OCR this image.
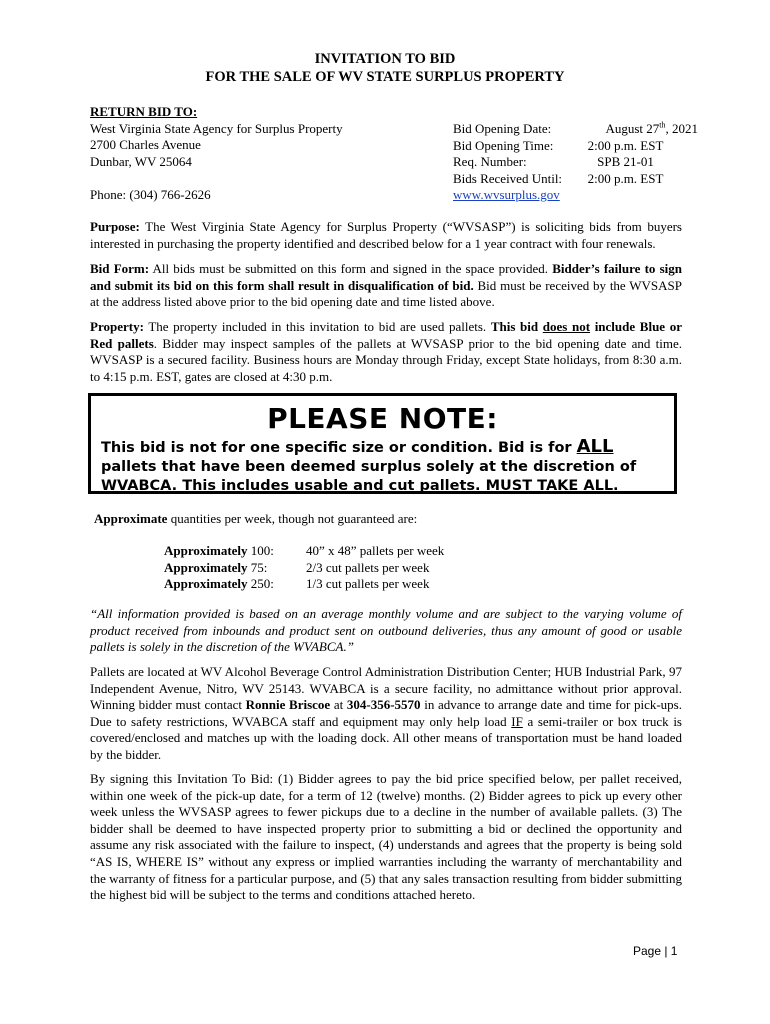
INVITATION TO BID
FOR THE SALE OF WV STATE SURPLUS PROPERTY
RETURN BID TO:
West Virginia State Agency for Surplus Property
2700 Charles Avenue
Dunbar, WV 25064
Phone: (304) 766-2626
Bid Opening Date:	August 27th, 2021
Bid Opening Time:	2:00 p.m. EST
Req. Number:	SPB 21-01
Bids Received Until:	2:00 p.m. EST
www.wvsurplus.gov
Purpose: The West Virginia State Agency for Surplus Property (“WVSASP”) is soliciting bids from buyers interested in purchasing the property identified and described below for a 1 year contract with four renewals.
Bid Form: All bids must be submitted on this form and signed in the space provided. Bidder’s failure to sign and submit its bid on this form shall result in disqualification of bid. Bid must be received by the WVSASP at the address listed above prior to the bid opening date and time listed above.
Property: The property included in this invitation to bid are used pallets. This bid does not include Blue or Red pallets. Bidder may inspect samples of the pallets at WVSASP prior to the bid opening date and time. WVSASP is a secured facility. Business hours are Monday through Friday, except State holidays, from 8:30 a.m. to 4:15 p.m. EST, gates are closed at 4:30 p.m.
PLEASE NOTE:
This bid is not for one specific size or condition. Bid is for ALL pallets that have been deemed surplus solely at the discretion of WVABCA. This includes usable and cut pallets. MUST TAKE ALL.
Approximate quantities per week, though not guaranteed are:
Approximately 100:	40” x 48” pallets per week
Approximately 75:	2/3 cut pallets per week
Approximately 250:	1/3 cut pallets per week
“All information provided is based on an average monthly volume and are subject to the varying volume of product received from inbounds and product sent on outbound deliveries, thus any amount of good or usable pallets is solely in the discretion of the WVABCA.”
Pallets are located at WV Alcohol Beverage Control Administration Distribution Center; HUB Industrial Park, 97 Independent Avenue, Nitro, WV 25143. WVABCA is a secure facility, no admittance without prior approval. Winning bidder must contact Ronnie Briscoe at 304-356-5570 in advance to arrange date and time for pick-ups. Due to safety restrictions, WVABCA staff and equipment may only help load IF a semi-trailer or box truck is covered/enclosed and matches up with the loading dock. All other means of transportation must be hand loaded by the bidder.
By signing this Invitation To Bid: (1) Bidder agrees to pay the bid price specified below, per pallet received, within one week of the pick-up date, for a term of 12 (twelve) months. (2) Bidder agrees to pick up every other week unless the WVSASP agrees to fewer pickups due to a decline in the number of available pallets. (3) The bidder shall be deemed to have inspected property prior to submitting a bid or declined the opportunity and assume any risk associated with the failure to inspect, (4) understands and agrees that the property is being sold “AS IS, WHERE IS” without any express or implied warranties including the warranty of merchantability and the warranty of fitness for a particular purpose, and (5) that any sales transaction resulting from bidder submitting the highest bid will be subject to the terms and conditions attached hereto.
Page | 1
